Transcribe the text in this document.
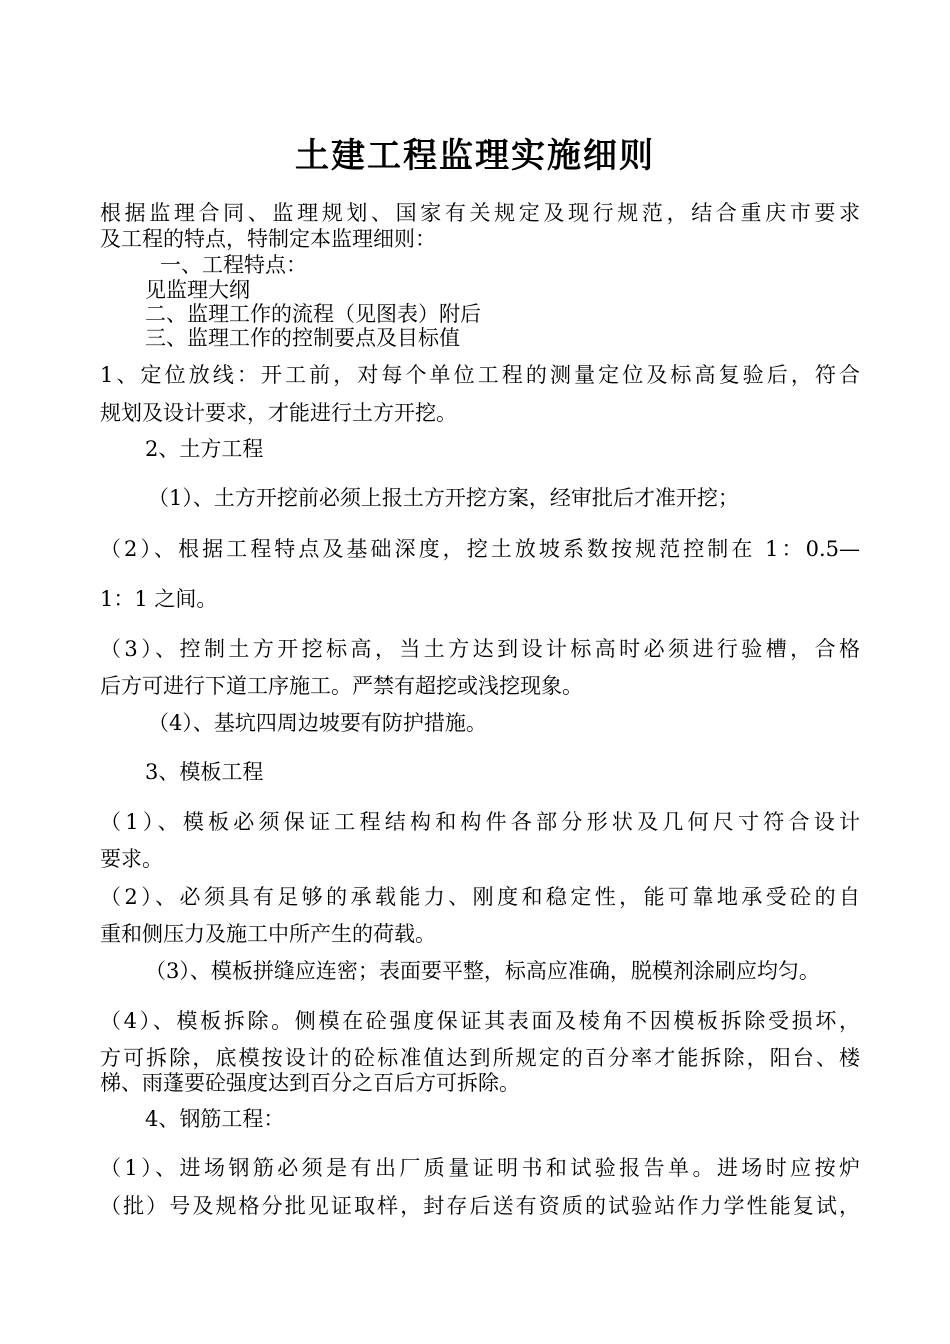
土建工程监理实施细则

根据监理合同、监理规划、国家有关规定及现行规范，结合重庆市要求

及工程的特点，特制定本监理细则：

一、工程特点：

见监理大纲

二、监理工作的流程（见图表）附后

三、监理工作的控制要点及目标值

1、定位放线：开工前，对每个单位工程的测量定位及标高复验后，符合

规划及设计要求，才能进行土方开挖。

2、土方工程

（1）、土方开挖前必须上报土方开挖方案，经审批后才准开挖；

（2）、根据工程特点及基础深度，挖土放坡系数按规范控制在 1：0.5—

1：1 之间。

（3）、控制土方开挖标高，当土方达到设计标高时必须进行验槽，合格

后方可进行下道工序施工。严禁有超挖或浅挖现象。

（4）、基坑四周边坡要有防护措施。

3、模板工程

（1）、模板必须保证工程结构和构件各部分形状及几何尺寸符合设计

要求。

（2）、必须具有足够的承载能力、刚度和稳定性，能可靠地承受砼的自

重和侧压力及施工中所产生的荷载。

（3）、模板拼缝应连密；表面要平整，标高应准确，脱模剂涂刷应均匀。

（4）、模板拆除。侧模在砼强度保证其表面及棱角不因模板拆除受损坏，

方可拆除，底模按设计的砼标准值达到所规定的百分率才能拆除，阳台、楼

梯、雨蓬要砼强度达到百分之百后方可拆除。

4、钢筋工程：

（1）、进场钢筋必须是有出厂质量证明书和试验报告单。进场时应按炉

（批）号及规格分批见证取样，封存后送有资质的试验站作力学性能复试，
